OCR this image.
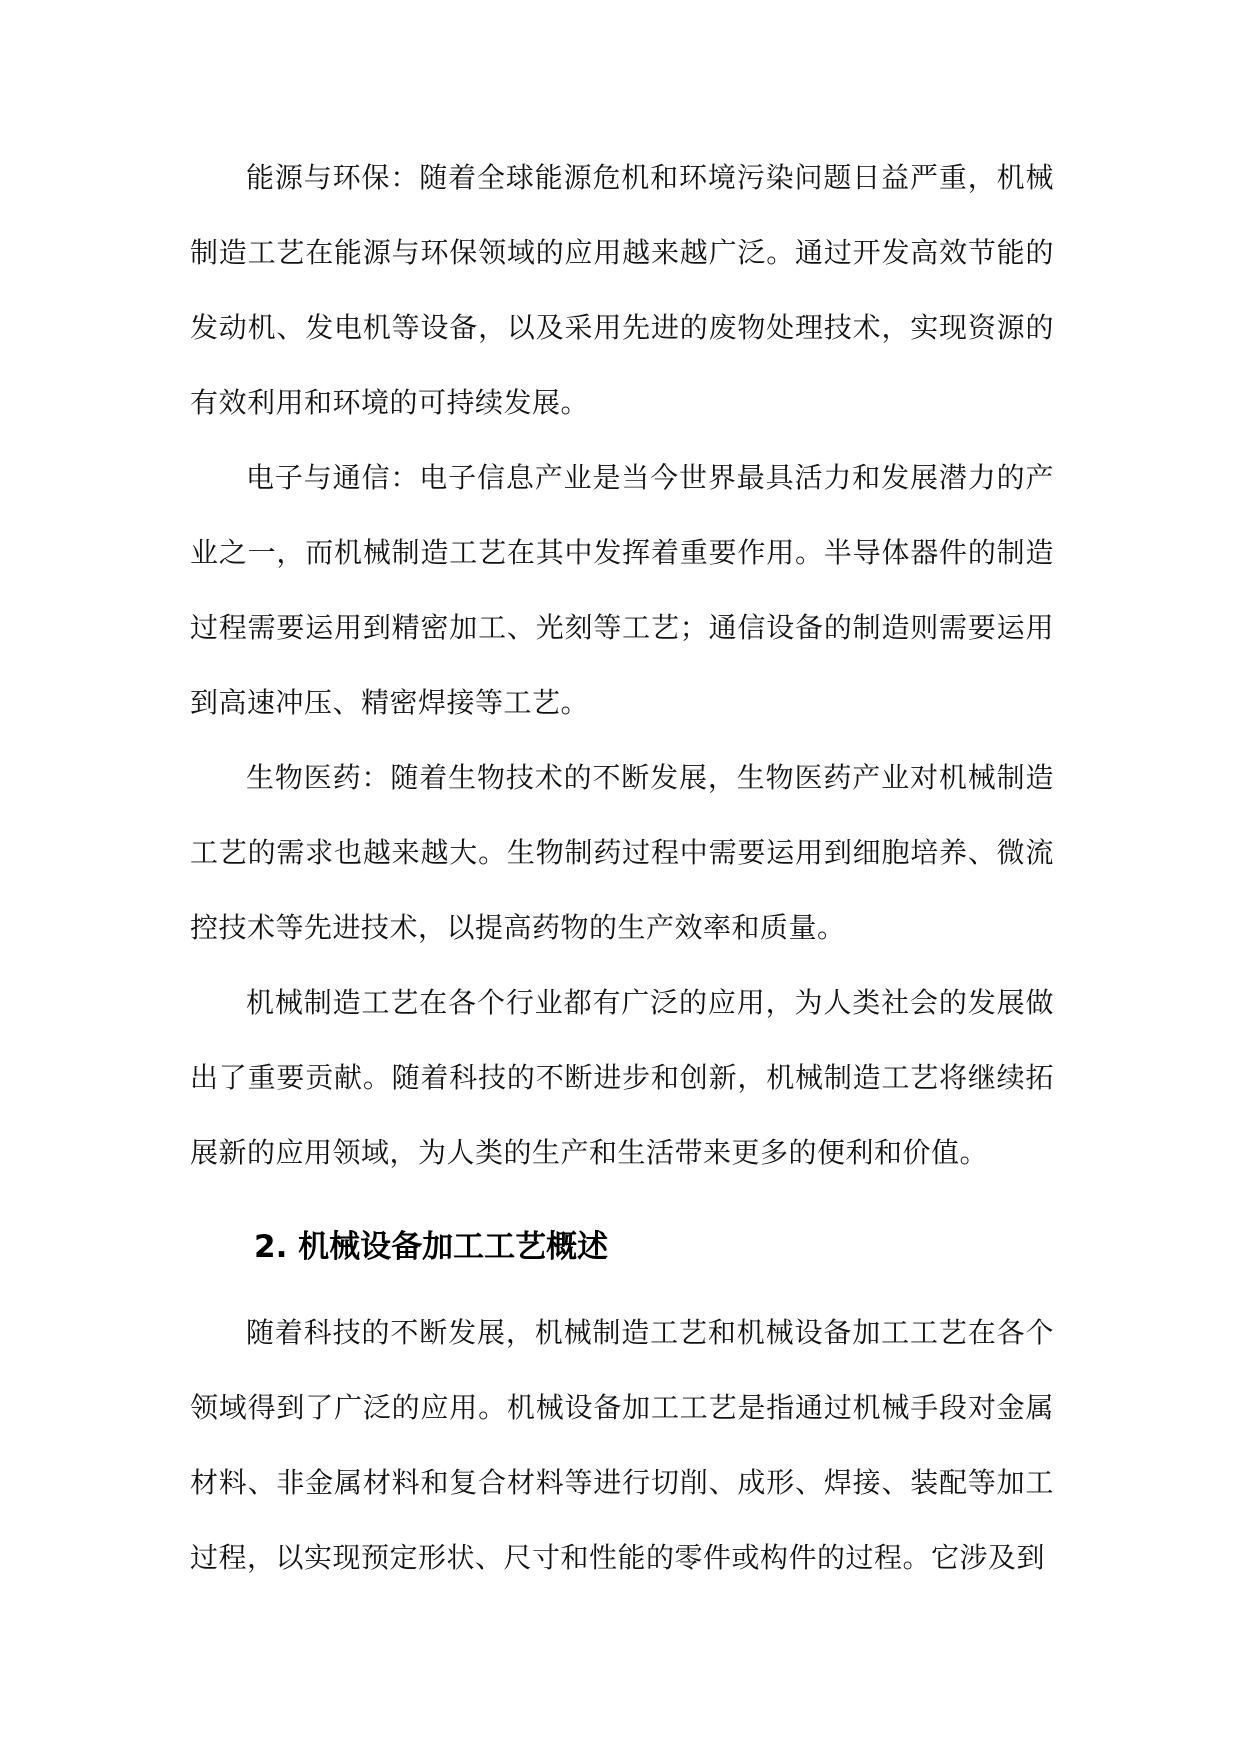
能源与环保：随着全球能源危机和环境污染问题日益严重，机械制造工艺在能源与环保领域的应用越来越广泛。通过开发高效节能的发动机、发电机等设备，以及采用先进的废物处理技术，实现资源的有效利用和环境的可持续发展。

电子与通信：电子信息产业是当今世界最具活力和发展潜力的产业之一，而机械制造工艺在其中发挥着重要作用。半导体器件的制造过程需要运用到精密加工、光刻等工艺；通信设备的制造则需要运用到高速冲压、精密焊接等工艺。

生物医药：随着生物技术的不断发展，生物医药产业对机械制造工艺的需求也越来越大。生物制药过程中需要运用到细胞培养、微流控技术等先进技术，以提高药物的生产效率和质量。

机械制造工艺在各个行业都有广泛的应用，为人类社会的发展做出了重要贡献。随着科技的不断进步和创新，机械制造工艺将继续拓展新的应用领域，为人类的生产和生活带来更多的便利和价值。

2. 机械设备加工工艺概述

随着科技的不断发展，机械制造工艺和机械设备加工工艺在各个领域得到了广泛的应用。机械设备加工工艺是指通过机械手段对金属材料、非金属材料和复合材料等进行切削、成形、焊接、装配等加工过程，以实现预定形状、尺寸和性能的零件或构件的过程。它涉及到
